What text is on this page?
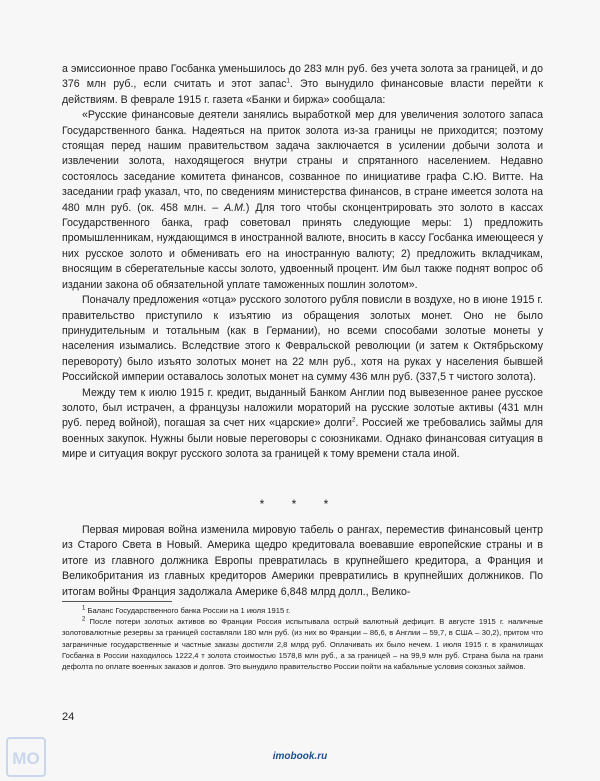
а эмиссионное право Госбанка уменьшилось до 283 млн руб. без учета золота за границей, и до 376 млн руб., если считать и этот запас$^1$. Это вынудило финансовые власти перейти к действиям. В феврале 1915 г. газета «Банки и биржа» сообщала:

«Русские финансовые деятели занялись выработкой мер для увеличения золотого запаса Государственного банка. Надеяться на приток золота из-за границы не приходится; поэтому стоящая перед нашим правительством задача заключается в усилении добычи золота и извлечении золота, находящегося внутри страны и спрятанного населением. Недавно состоялось заседание комитета финансов, созванное по инициативе графа С.Ю. Витте. На заседании граф указал, что, по сведениям министерства финансов, в стране имеется золота на 480 млн руб. (ок. 458 млн. – А.М.) Для того чтобы сконцентрировать это золото в кассах Государственного банка, граф советовал принять следующие меры: 1) предложить промышленникам, нуждающимся в иностранной валюте, вносить в кассу Госбанка имеющееся у них русское золото и обменивать его на иностранную валюту; 2) предложить вкладчикам, вносящим в сберегательные кассы золото, удвоенный процент. Им был также поднят вопрос об издании закона об обязательной уплате таможенных пошлин золотом».

Поначалу предложения «отца» русского золотого рубля повисли в воздухе, но в июне 1915 г. правительство приступило к изъятию из обращения золотых монет. Оно не было принудительным и тотальным (как в Германии), но всеми способами золотые монеты у населения изымались. Вследствие этого к Февральской революции (и затем к Октябрьскому перевороту) было изъято золотых монет на 22 млн руб., хотя на руках у населения бывшей Российской империи оставалось золотых монет на сумму 436 млн руб. (337,5 т чистого золота).

Между тем к июлю 1915 г. кредит, выданный Банком Англии под вывезенное ранее русское золото, был истрачен, а французы наложили мораторий на русские золотые активы (431 млн руб. перед войной), погашая за счет них «царские» долги$^2$. Россией же требовались займы для военных закупок. Нужны были новые переговоры с союзниками. Однако финансовая ситуация в мире и ситуация вокруг русского золота за границей к тому времени стала иной.

* * *

Первая мировая война изменила мировую табель о рангах, переместив финансовый центр из Старого Света в Новый. Америка щедро кредитовала воевавшие европейские страны и в итоге из главного должника Европы превратилась в крупнейшего кредитора, а Франция и Великобритания из главных кредиторов Америки превратились в крупнейших должников. По итогам войны Франция задолжала Америке 6,848 млрд долл., Велико-

$^1$ Баланс Государственного банка России на 1 июля 1915 г.

$^2$ После потери золотых активов во Франции Россия испытывала острый валютный дефицит. В августе 1915 г. наличные золотовалютные резервы за границей составляли 180 млн руб. (из них во Франции – 86,6, в Англии – 59,7, в США – 30,2), притом что заграничные государственные и частные заказы достигли 2,8 млрд руб. Оплачивать их было нечем. 1 июля 1915 г. в хранилищах Госбанка в России находилось 1222,4 т золота стоимостью 1578,8 млн руб., а за границей – на 99,9 млн руб. Страна была на грани дефолта по оплате военных заказов и долгов. Это вынудило правительство России пойти на кабальные условия союзных займов.

24
MO	imobook.ru
